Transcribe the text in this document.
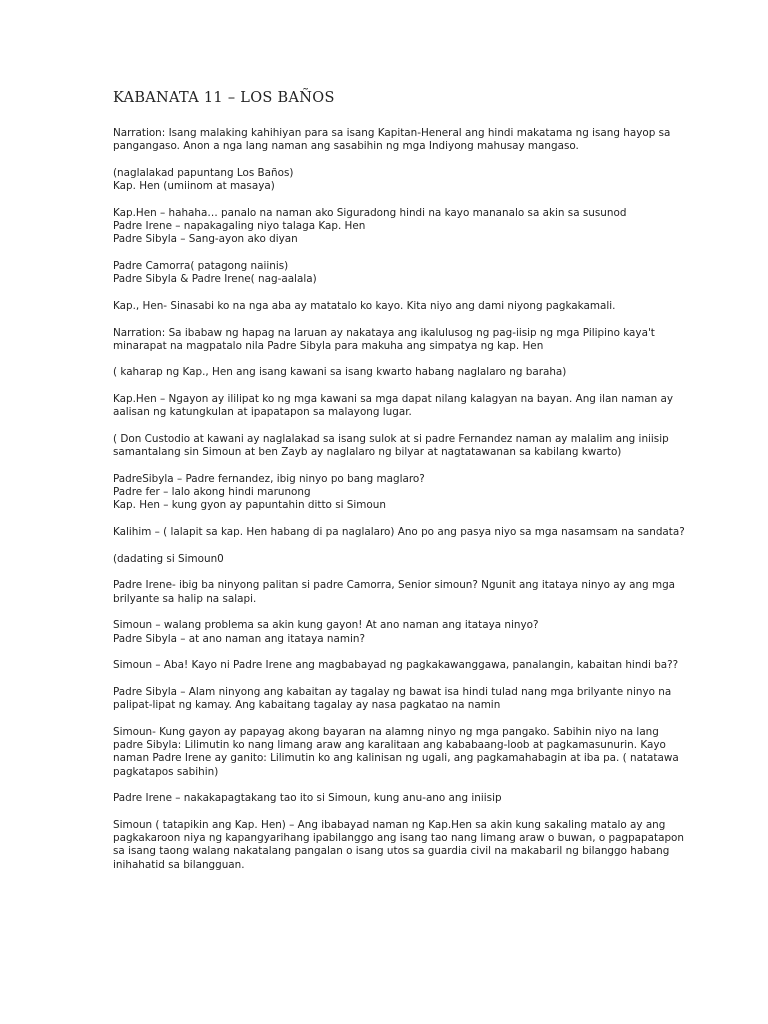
KABANATA 11 – LOS BAÑOS

Narration: Isang malaking kahihiyan para sa isang Kapitan-Heneral ang hindi makatama ng isang hayop sa
pangangaso. Anon a nga lang naman ang sasabihin ng mga Indiyong mahusay mangaso.

(naglalakad papuntang Los Baños)
Kap. Hen (umiinom at masaya)

Kap.Hen – hahaha… panalo na naman ako Siguradong hindi na kayo mananalo sa akin sa susunod
Padre Irene – napakagaling niyo talaga Kap. Hen
Padre Sibyla – Sang-ayon ako diyan

Padre Camorra( patagong naiinis)
Padre Sibyla & Padre Irene( nag-aalala)

Kap., Hen- Sinasabi ko na nga aba ay matatalo ko kayo. Kita niyo ang dami niyong pagkakamali.

Narration: Sa ibabaw ng hapag na laruan ay nakataya ang ikalulusog ng pag-iisip ng mga Pilipino kaya't
minarapat na magpatalo nila Padre Sibyla para makuha ang simpatya ng kap. Hen

( kaharap ng Kap., Hen ang isang kawani sa isang kwarto habang naglalaro ng baraha)

Kap.Hen – Ngayon ay ililipat ko ng mga kawani sa mga dapat nilang kalagyan na bayan. Ang ilan naman ay
aalisan ng katungkulan at ipapatapon sa malayong lugar.

( Don Custodio at kawani ay naglalakad sa isang sulok at si padre Fernandez naman ay malalim ang iniisip
samantalang sin Simoun at ben Zayb ay naglalaro ng bilyar at nagtatawanan sa kabilang kwarto)

PadreSibyla – Padre fernandez, ibig ninyo po bang maglaro?
Padre fer – lalo akong hindi marunong
Kap. Hen – kung gyon ay papuntahin ditto si Simoun

Kalihim – ( lalapit sa kap. Hen habang di pa naglalaro) Ano po ang pasya niyo sa mga nasamsam na sandata?

(dadating si Simoun0

Padre Irene- ibig ba ninyong palitan si padre Camorra, Senior simoun? Ngunit ang itataya ninyo ay ang mga
brilyante sa halip na salapi.

Simoun – walang problema sa akin kung gayon! At ano naman ang itataya ninyo?
Padre Sibyla – at ano naman ang itataya namin?

Simoun – Aba! Kayo ni Padre Irene ang magbabayad ng pagkakawanggawa, panalangin, kabaitan hindi ba??

Padre Sibyla – Alam ninyong ang kabaitan ay tagalay ng bawat isa hindi tulad nang mga brilyante ninyo na
palipat-lipat ng kamay. Ang kabaitang tagalay ay nasa pagkatao na namin

Simoun- Kung gayon ay papayag akong bayaran na alamng ninyo ng mga pangako. Sabihin niyo na lang
padre Sibyla: Lilimutin ko nang limang araw ang karalitaan ang kababaang-loob at pagkamasunurin. Kayo
naman Padre Irene ay ganito: Lilimutin ko ang kalinisan ng ugali, ang pagkamahabagin at iba pa. ( natatawa
pagkatapos sabihin)

Padre Irene – nakakapagtakang tao ito si Simoun, kung anu-ano ang iniisip

Simoun ( tatapikin ang Kap. Hen) – Ang ibabayad naman ng Kap.Hen sa akin kung sakaling matalo ay ang
pagkakaroon niya ng kapangyarihang ipabilanggo ang isang tao nang limang araw o buwan, o pagpapatapon
sa isang taong walang nakatalang pangalan o isang utos sa guardia civil na makabaril ng bilanggo habang
inihahatid sa bilangguan.
